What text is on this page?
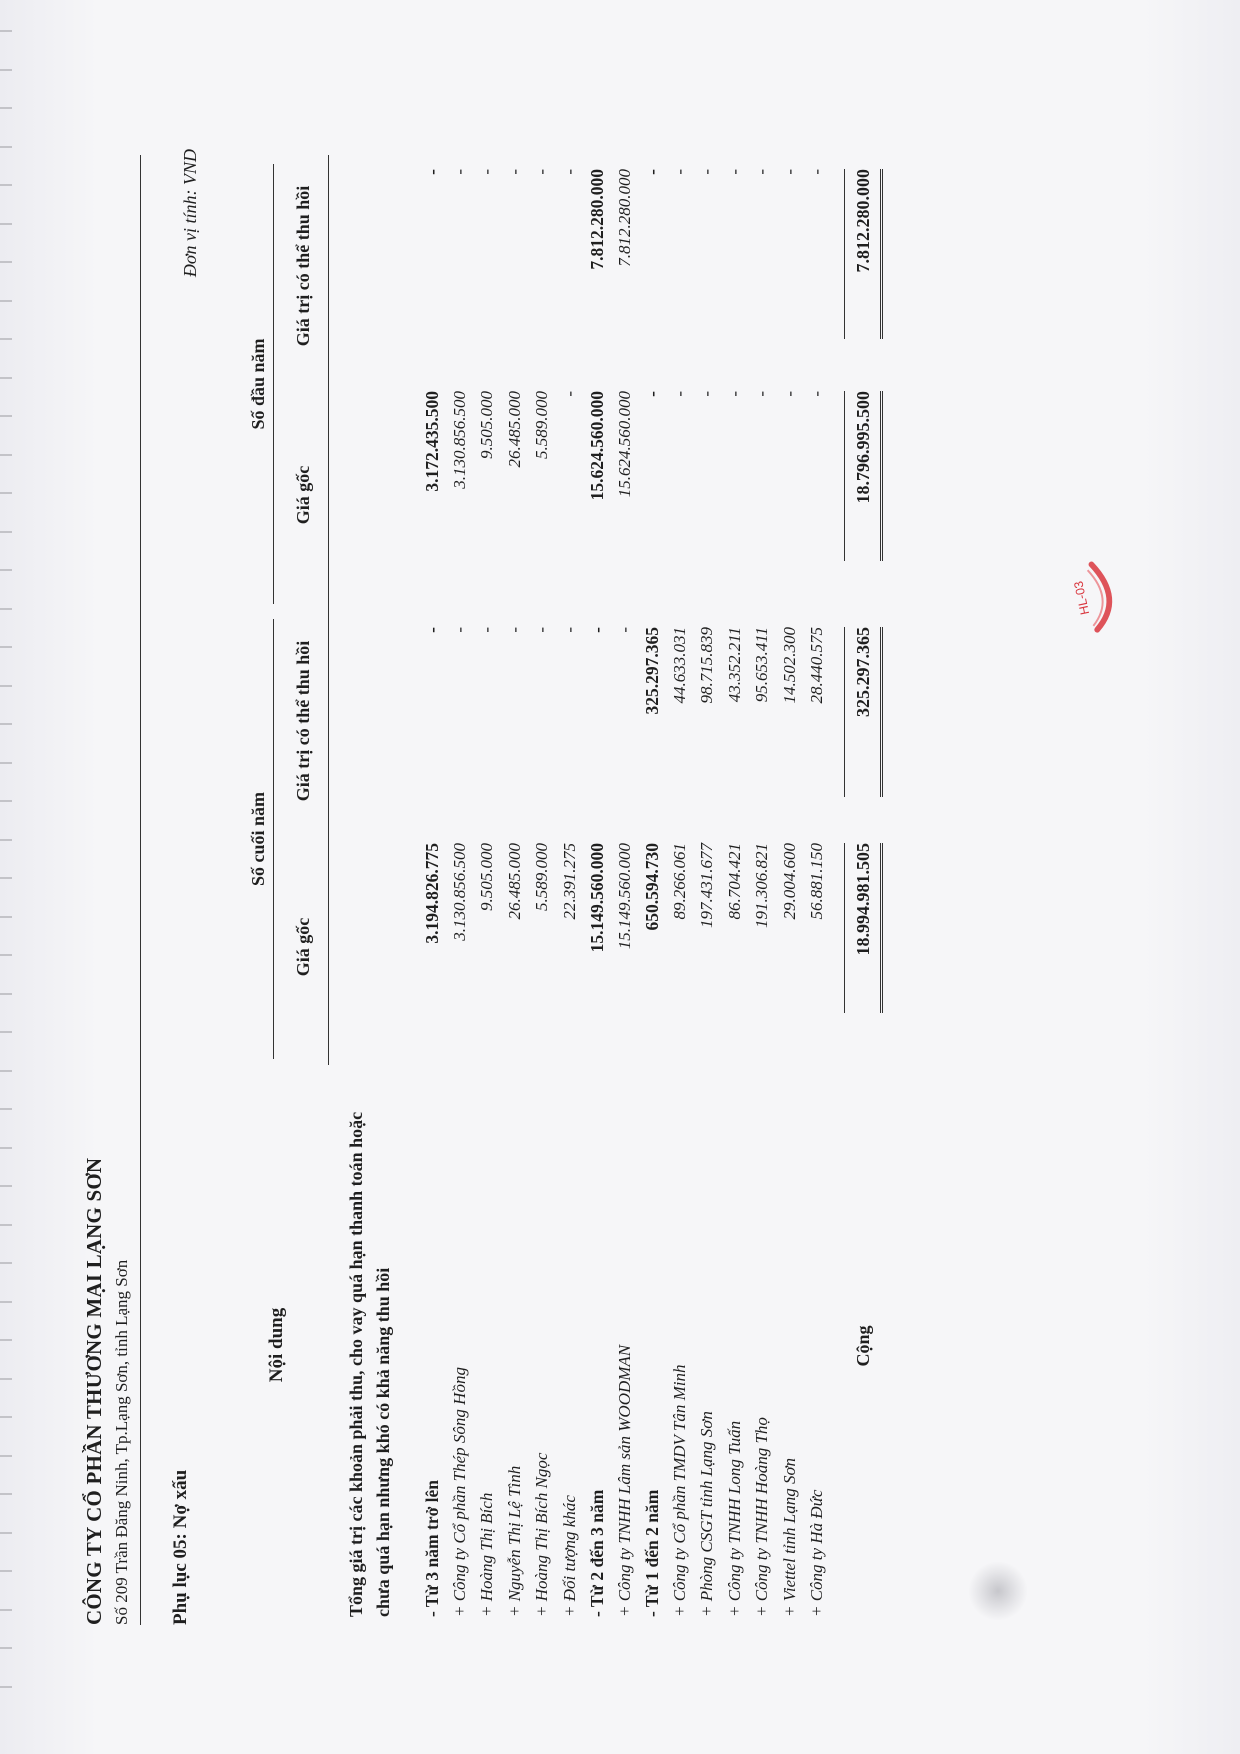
CÔNG TY CỔ PHẦN THƯƠNG MẠI LẠNG SƠN Số 209 Trần Đăng Ninh, Tp.Lạng Sơn, tỉnh Lạng Sơn Phụ lục 05: Nợ xấu
Đơn vị tính: VND
Nội dung	Số cuối năm		Số đầu năm	
	Giá gốc	Giá trị có thể thu hồi	Giá gốc	Giá trị có thể thu hồi
Tổng giá trị các khoản phải thu, cho vay quá hạn thanh toán hoặc chưa quá hạn nhưng khó có khả năng thu hồi				

- Từ 3 năm trở lên	3.194.826.775	-	3.172.435.500	-
+ Công ty Cổ phần Thép Sông Hồng	3.130.856.500	-	3.130.856.500	-
+ Hoàng Thị Bích	9.505.000	-	9.505.000	-
+ Nguyễn Thị Lệ Tình	26.485.000	-	26.485.000	-
+ Hoàng Thị Bích Ngọc	5.589.000	-	5.589.000	-
+ Đối tượng khác	22.391.275	-	-	-
- Từ 2 đến 3 năm	15.149.560.000	-	15.624.560.000	7.812.280.000
+ Công ty TNHH Lâm sản WOODMAN	15.149.560.000	-	15.624.560.000	7.812.280.000
- Từ 1 đến 2 năm	650.594.730	325.297.365	-	-
+ Công ty Cổ phần TMDV Tân Minh	89.266.061	44.633.031	-	-
+ Phòng CSGT tỉnh Lạng Sơn	197.431.677	98.715.839	-	-
+ Công ty TNHH Long Tuấn	86.704.421	43.352.211	-	-
+ Công ty TNHH Hoàng Thọ	191.306.821	95.653.411	-	-
+ Viettel tỉnh Lạng Sơn	29.004.600	14.502.300	-	-
+ Công ty Hà Đức	56.881.150	28.440.575	-	-
Cộng	18.994.981.505	325.297.365	18.796.995.500	7.812.280.000
HL-03
